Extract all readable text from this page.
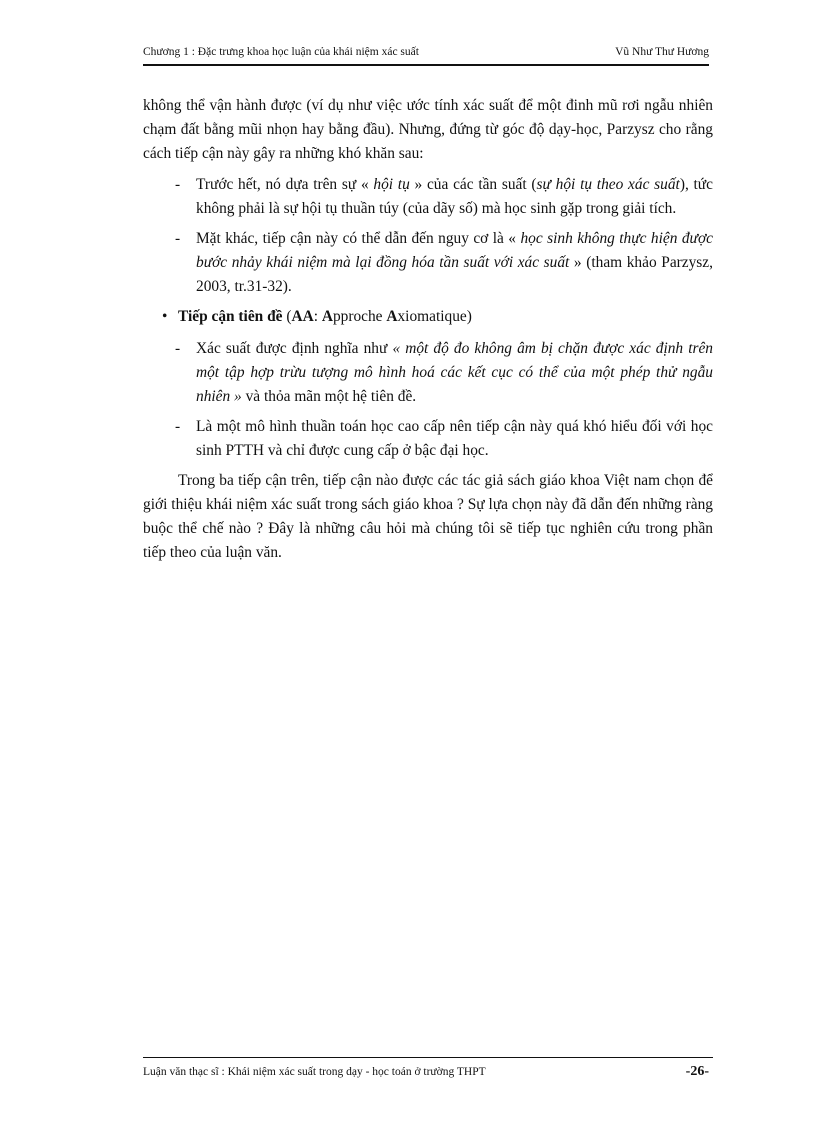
Chương 1 : Đặc trưng khoa học luận của khái niệm xác suất	Vũ Như Thư Hương

không thể vận hành được (ví dụ như việc ước tính xác suất để một đinh mũ rơi ngẫu nhiên chạm đất bằng mũi nhọn hay bằng đầu). Nhưng, đứng từ góc độ dạy-học, Parzysz cho rằng cách tiếp cận này gây ra những khó khăn sau:

- Trước hết, nó dựa trên sự « hội tụ » của các tần suất (sự hội tụ theo xác suất), tức không phải là sự hội tụ thuần túy (của dãy số) mà học sinh gặp trong giải tích.
- Mặt khác, tiếp cận này có thể dẫn đến nguy cơ là « học sinh không thực hiện được bước nhảy khái niệm mà lại đồng hóa tần suất với xác suất » (tham khảo Parzysz, 2003, tr.31-32).
• Tiếp cận tiên đề (AA: Approche Axiomatique)
- Xác suất được định nghĩa như « một độ đo không âm bị chặn được xác định trên một tập hợp trừu tượng mô hình hoá các kết cục có thể của một phép thử ngẫu nhiên » và thỏa mãn một hệ tiên đề.
- Là một mô hình thuần toán học cao cấp nên tiếp cận này quá khó hiểu đối với học sinh PTTH và chỉ được cung cấp ở bậc đại học.

Trong ba tiếp cận trên, tiếp cận nào được các tác giả sách giáo khoa Việt nam chọn để giới thiệu khái niệm xác suất trong sách giáo khoa ? Sự lựa chọn này đã dẫn đến những ràng buộc thể chế nào ? Đây là những câu hỏi mà chúng tôi sẽ tiếp tục nghiên cứu trong phần tiếp theo của luận văn.

Luận văn thạc sĩ : Khái niệm xác suất trong dạy - học toán ở trường THPT	-26-
